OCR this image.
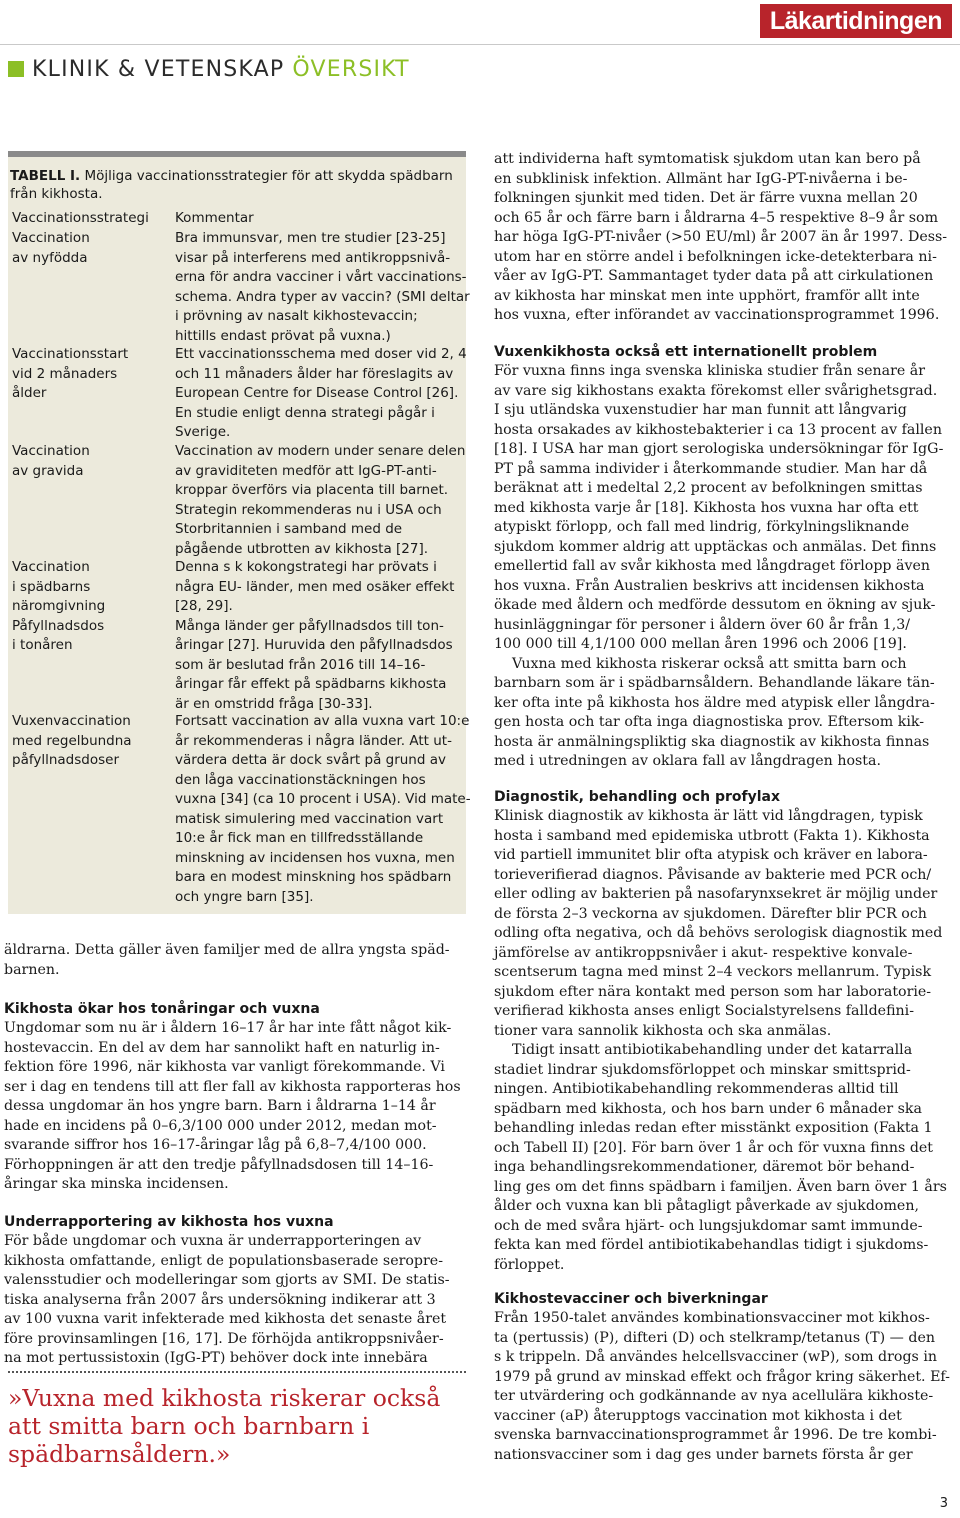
Läkartidningen
KLINIK & VETENSKAP ÖVERSIKT
TABELL I. Möjliga vaccinationsstrategier för att skydda spädbarn
från kikhosta.
Vaccinationsstrategi Kommentar
Vaccination
av nyfödda
Bra immunsvar, men tre studier [23-25]
visar på interferens med antikroppsnivå-
erna för andra vacciner i vårt vaccinations-
schema. Andra typer av vaccin? (SMI deltar
i prövning av nasalt kikhostevaccin;
hittills endast prövat på vuxna.)
Vaccinationsstart
vid 2 månaders
ålder
Ett vaccinationsschema med doser vid 2, 4
och 11 månaders ålder har föreslagits av
European Centre for Disease Control [26].
En studie enligt denna strategi pågår i
Sverige.
Vaccination
av gravida
Vaccination av modern under senare delen
av graviditeten medför att IgG-PT-anti-
kroppar överförs via placenta till barnet.
Strategin rekommenderas nu i USA och
Storbritannien i samband med de
pågående utbrotten av kikhosta [27].
Vaccination
i spädbarns
näromgivning
Påfyllnadsdos
i tonåren
Denna s k kokongstrategi har prövats i
några EU- länder, men med osäker effekt
[28, 29].
Många länder ger påfyllnadsdos till ton-
åringar [27]. Huruvida den påfyllnadsdos
som är beslutad från 2016 till 14–16-
åringar får effekt på spädbarns kikhosta
är en omstridd fråga [30-33].
Vuxenvaccination
med regelbundna
påfyllnadsdoser
Fortsatt vaccination av alla vuxna vart 10:e
år rekommenderas i några länder. Att ut-
värdera detta är dock svårt på grund av
den låga vaccinationstäckningen hos
vuxna [34] (ca 10 procent i USA). Vid mate-
matisk simulering med vaccination vart
10:e år fick man en tillfredsställande
minskning av incidensen hos vuxna, men
bara en modest minskning hos spädbarn
och yngre barn [35].
äldrarna. Detta gäller även familjer med de allra yngsta späd-
barnen.
Kikhosta ökar hos tonåringar och vuxna
Ungdomar som nu är i åldern 16–17 år har inte fått något kik-
hostevaccin. En del av dem har sannolikt haft en naturlig in-
fektion före 1996, när kikhosta var vanligt förekommande. Vi
ser i dag en tendens till att fler fall av kikhosta rapporteras hos
dessa ungdomar än hos yngre barn. Barn i åldrarna 1–14 år
hade en incidens på 0–6,3/100 000 under 2012, medan mot-
svarande siffror hos 16–17-åringar låg på 6,8–7,4/100 000.
Förhoppningen är att den tredje påfyllnadsdosen till 14–16-
åringar ska minska incidensen.
Underrapportering av kikhosta hos vuxna
För både ungdomar och vuxna är underrapporteringen av
kikhosta omfattande, enligt de populationsbaserade seropre-
valensstudier och modelleringar som gjorts av SMI. De statis-
tiska analyserna från 2007 års undersökning indikerar att 3
av 100 vuxna varit infekterade med kikhosta det senaste året
före provinsamlingen [16, 17]. De förhöjda antikroppsnivåer-
na mot pertussistoxin (IgG-PT) behöver dock inte innebära
»Vuxna med kikhosta riskerar också
att smitta barn och barnbarn i
spädbarnsåldern.»
att individerna haft symtomatisk sjukdom utan kan bero på
en subklinisk infektion. Allmänt har IgG-PT-nivåerna i be-
folkningen sjunkit med tiden. Det är färre vuxna mellan 20
och 65 år och färre barn i åldrarna 4–5 respektive 8–9 år som
har höga IgG-PT-nivåer (>50 EU/ml) år 2007 än år 1997. Dess-
utom har en större andel i befolkningen icke-detekterbara ni-
våer av IgG-PT. Sammantaget tyder data på att cirkulationen
av kikhosta har minskat men inte upphört, framför allt inte
hos vuxna, efter införandet av vaccinationsprogrammet 1996.
Vuxenkikhosta också ett internationellt problem
För vuxna finns inga svenska kliniska studier från senare år
av vare sig kikhostans exakta förekomst eller svårighetsgrad.
I sju utländska vuxenstudier har man funnit att långvarig
hosta orsakades av kikhostebakterier i ca 13 procent av fallen
[18]. I USA har man gjort serologiska undersökningar för IgG-
PT på samma individer i återkommande studier. Man har då
beräknat att i medeltal 2,2 procent av befolkningen smittas
med kikhosta varje år [18]. Kikhosta hos vuxna har ofta ett
atypiskt förlopp, och fall med lindrig, förkylningsliknande
sjukdom kommer aldrig att upptäckas och anmälas. Det finns
emellertid fall av svår kikhosta med långdraget förlopp även
hos vuxna. Från Australien beskrivs att incidensen kikhosta
ökade med åldern och medförde dessutom en ökning av sjuk-
husinläggningar för personer i åldern över 60 år från 1,3/
100 000 till 4,1/100 000 mellan åren 1996 och 2006 [19].
Vuxna med kikhosta riskerar också att smitta barn och
barnbarn som är i spädbarnsåldern. Behandlande läkare tän-
ker ofta inte på kikhosta hos äldre med atypisk eller långdra-
gen hosta och tar ofta inga diagnostiska prov. Eftersom kik-
hosta är anmälningspliktig ska diagnostik av kikhosta finnas
med i utredningen av oklara fall av långdragen hosta.
Diagnostik, behandling och profylax
Klinisk diagnostik av kikhosta är lätt vid långdragen, typisk
hosta i samband med epidemiska utbrott (Fakta 1). Kikhosta
vid partiell immunitet blir ofta atypisk och kräver en labora-
torieverifierad diagnos. Påvisande av bakterie med PCR och/
eller odling av bakterien på nasofarynxsekret är möjlig under
de första 2–3 veckorna av sjukdomen. Därefter blir PCR och
odling ofta negativa, och då behövs serologisk diagnostik med
jämförelse av antikroppsnivåer i akut- respektive konvale-
scentserum tagna med minst 2–4 veckors mellanrum. Typisk
sjukdom efter nära kontakt med person som har laboratorie-
verifierad kikhosta anses enligt Socialstyrelsens falldefini-
tioner vara sannolik kikhosta och ska anmälas.
Tidigt insatt antibiotikabehandling under det katarralla
stadiet lindrar sjukdomsförloppet och minskar smittsprid-
ningen. Antibiotikabehandling rekommenderas alltid till
spädbarn med kikhosta, och hos barn under 6 månader ska
behandling inledas redan efter misstänkt exposition (Fakta 1
och Tabell II) [20]. För barn över 1 år och för vuxna finns det
inga behandlingsrekommendationer, däremot bör behand-
ling ges om det finns spädbarn i familjen. Även barn över 1 års
ålder och vuxna kan bli påtagligt påverkade av sjukdomen,
och de med svåra hjärt- och lungsjukdomar samt immunde-
fekta kan med fördel antibiotikabehandlas tidigt i sjukdoms-
förloppet.
Kikhostevacciner och biverkningar
Från 1950-talet användes kombinationsvacciner mot kikhos-
ta (pertussis) (P), difteri (D) och stelkramp/tetanus (T) — den
s k trippeln. Då användes helcellsvacciner (wP), som drogs in
1979 på grund av minskad effekt och frågor kring säkerhet. Ef-
ter utvärdering och godkännande av nya acellulära kikhoste-
vacciner (aP) återupptogs vaccination mot kikhosta i det
svenska barnvaccinationsprogrammet år 1996. De tre kombi-
nationsvacciner som i dag ges under barnets första år ger
3
